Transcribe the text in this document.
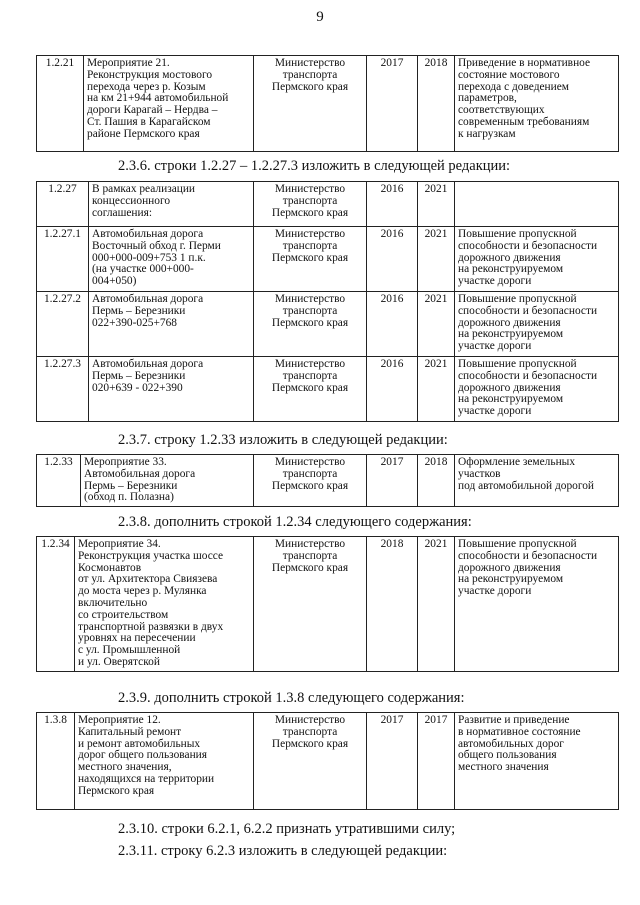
9
1.2.21	Мероприятие 21.
Реконструкция мостового
перехода через р. Козым
на км 21+944 автомобильной
дороги Карагай – Нердва –
Ст. Пашия в Карагайском
районе Пермского края	Министерство
транспорта
Пермского края	2017	2018	Приведение в нормативное
состояние мостового
перехода с доведением
параметров,
соответствующих
современным требованиям
к нагрузкам
2.3.6. строки 1.2.27 – 1.2.27.3 изложить в следующей редакции:
1.2.27	В рамках реализации
концессионного
соглашения:	Министерство
транспорта
Пермского края	2016	2021	
1.2.27.1	Автомобильная дорога
Восточный обход г. Перми
000+000-009+753 1 п.к.
(на участке 000+000-
004+050)	Министерство
транспорта
Пермского края	2016	2021	Повышение пропускной
способности и безопасности
дорожного движения
на реконструируемом
участке дороги
1.2.27.2	Автомобильная дорога
Пермь – Березники
022+390-025+768	Министерство
транспорта
Пермского края	2016	2021	Повышение пропускной
способности и безопасности
дорожного движения
на реконструируемом
участке дороги
1.2.27.3	Автомобильная дорога
Пермь – Березники
020+639 - 022+390	Министерство
транспорта
Пермского края	2016	2021	Повышение пропускной
способности и безопасности
дорожного движения
на реконструируемом
участке дороги
2.3.7. строку 1.2.33 изложить в следующей редакции:
1.2.33	Мероприятие 33.
Автомобильная дорога
Пермь – Березники
(обход п. Полазна)	Министерство
транспорта
Пермского края	2017	2018	Оформление земельных
участков
под автомобильной дорогой
2.3.8. дополнить строкой 1.2.34 следующего содержания:
1.2.34	Мероприятие 34.
Реконструкция участка шоссе
Космонавтов
от ул. Архитектора Свиязева
до моста через р. Мулянка
включительно
со строительством
транспортной развязки в двух
уровнях на пересечении
с ул. Промышленной
и ул. Оверятской	Министерство
транспорта
Пермского края	2018	2021	Повышение пропускной
способности и безопасности
дорожного движения
на реконструируемом
участке дороги
2.3.9. дополнить строкой 1.3.8 следующего содержания:
1.3.8	Мероприятие 12.
Капитальный ремонт
и ремонт автомобильных
дорог общего пользования
местного значения,
находящихся на территории
Пермского края	Министерство
транспорта
Пермского края	2017	2017	Развитие и приведение
в нормативное состояние
автомобильных дорог
общего пользования
местного значения
2.3.10. строки 6.2.1, 6.2.2 признать утратившими силу;
2.3.11. строку 6.2.3 изложить в следующей редакции:
